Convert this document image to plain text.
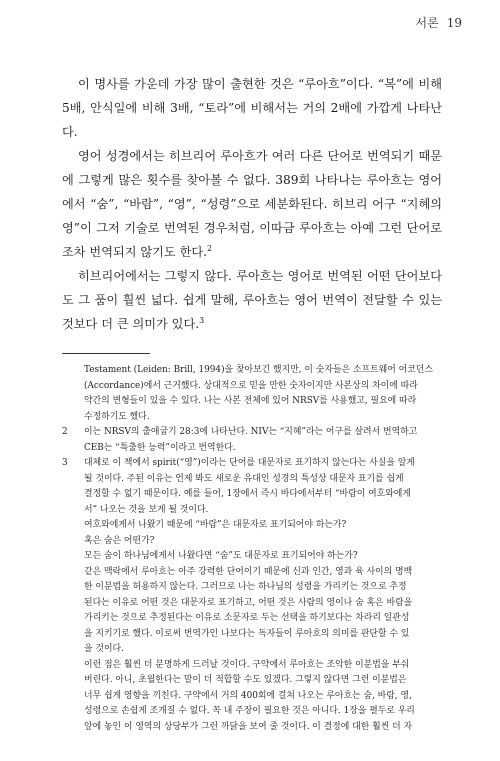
서론 19

이 명사를 가운데 가장 많이 출현한 것은 “루아흐”이다. “복”에 비해 5배, 안식일에 비해 3배, “토라”에 비해서는 거의 2배에 가깝게 나타난다.

영어 성경에서는 히브리어 루아흐가 여러 다른 단어로 번역되기 때문에 그렇게 많은 횟수를 찾아볼 수 없다. 389회 나타나는 루아흐는 영어에서 “숨”, “바람”, “영”, “성령”으로 세분화된다. 히브리 어구 “지혜의 영”이 그저 기술로 번역된 경우처럼, 이따금 루아흐는 아예 그런 단어로조차 번역되지 않기도 한다.$^2$

히브리어에서는 그렇지 않다. 루아흐는 영어로 번역된 어떤 단어보다도 그 품이 훨씬 넓다. 쉽게 말해, 루아흐는 영어 번역이 전달할 수 있는 것보다 더 큰 의미가 있다.$^3$

Testament (Leiden: Brill, 1994)을 찾아보긴 했지만, 이 숫자들은 소프트웨어 어코던스
(Accordance)에서 근거했다. 상대적으로 믿을 만한 숫자이지만 사본상의 차이에 따라
약간의 변형들이 있을 수 있다. 나는 사본 전체에 있어 NRSV를 사용했고, 필요에 따라
수정하기도 했다.
2 이는 NRSV의 출애굽기 28:3에 나타난다. NIV는 “지혜”라는 어구를 살려서 번역하고
CEB는 “특출한 능력”이라고 번역한다.
3 대체로 이 책에서 spirit(“영”)이라는 단어를 대문자로 표기하지 않는다는 사실을 알게
될 것이다. 주된 이유는 언제 봐도 새로운 유대인 성경의 특성상 대문자 표기를 쉽게
결정할 수 없기 때문이다. 예를 들어, 1장에서 즉시 바다에서부터 “바람이 여호와에게
서” 나오는 것을 보게 될 것이다.
여호와에게서 나왔기 때문에 “바람”은 대문자로 표기되어야 하는가?
혹은 숨은 어떤가?
모든 숨이 하나님에게서 나왔다면 “숨”도 대문자로 표기되어야 하는가?
같은 맥락에서 루아흐는 아주 강력한 단어이기 때문에 신과 인간, 영과 육 사이의 명백
한 이분법을 허용하지 않는다. 그러므로 나는 하나님의 성령을 가리키는 것으로 추정
된다는 이유로 어떤 것은 대문자로 표기하고, 어떤 것은 사람의 영이나 숨 혹은 바람을
가리키는 것으로 추정된다는 이유로 소문자로 두는 선택을 하기보다는 차라리 일관성
을 지키기로 했다. 이로써 번역가인 나보다는 독자들이 루아흐의 의미를 판단할 수 있
을 것이다.
이런 점은 훨씬 더 분명하게 드러날 것이다. 구약에서 루아흐는 조악한 이분법을 부숴
버린다. 아니, 초월한다는 말이 더 적합할 수도 있겠다. 그렇지 않다면 그런 이분법은
너무 쉽게 영향을 끼친다. 구약에서 거의 400회에 걸쳐 나오는 루아흐는 숨, 바람, 영,
성령으로 손쉽게 조개질 수 없다. 꼭 내 주장이 필요한 것은 아니다. 1장을 펼두로 우리
앞에 놓인 이 영역의 상당부가 그런 까닭을 보여 줄 것이다. 이 결정에 대한 훨씬 더 자
